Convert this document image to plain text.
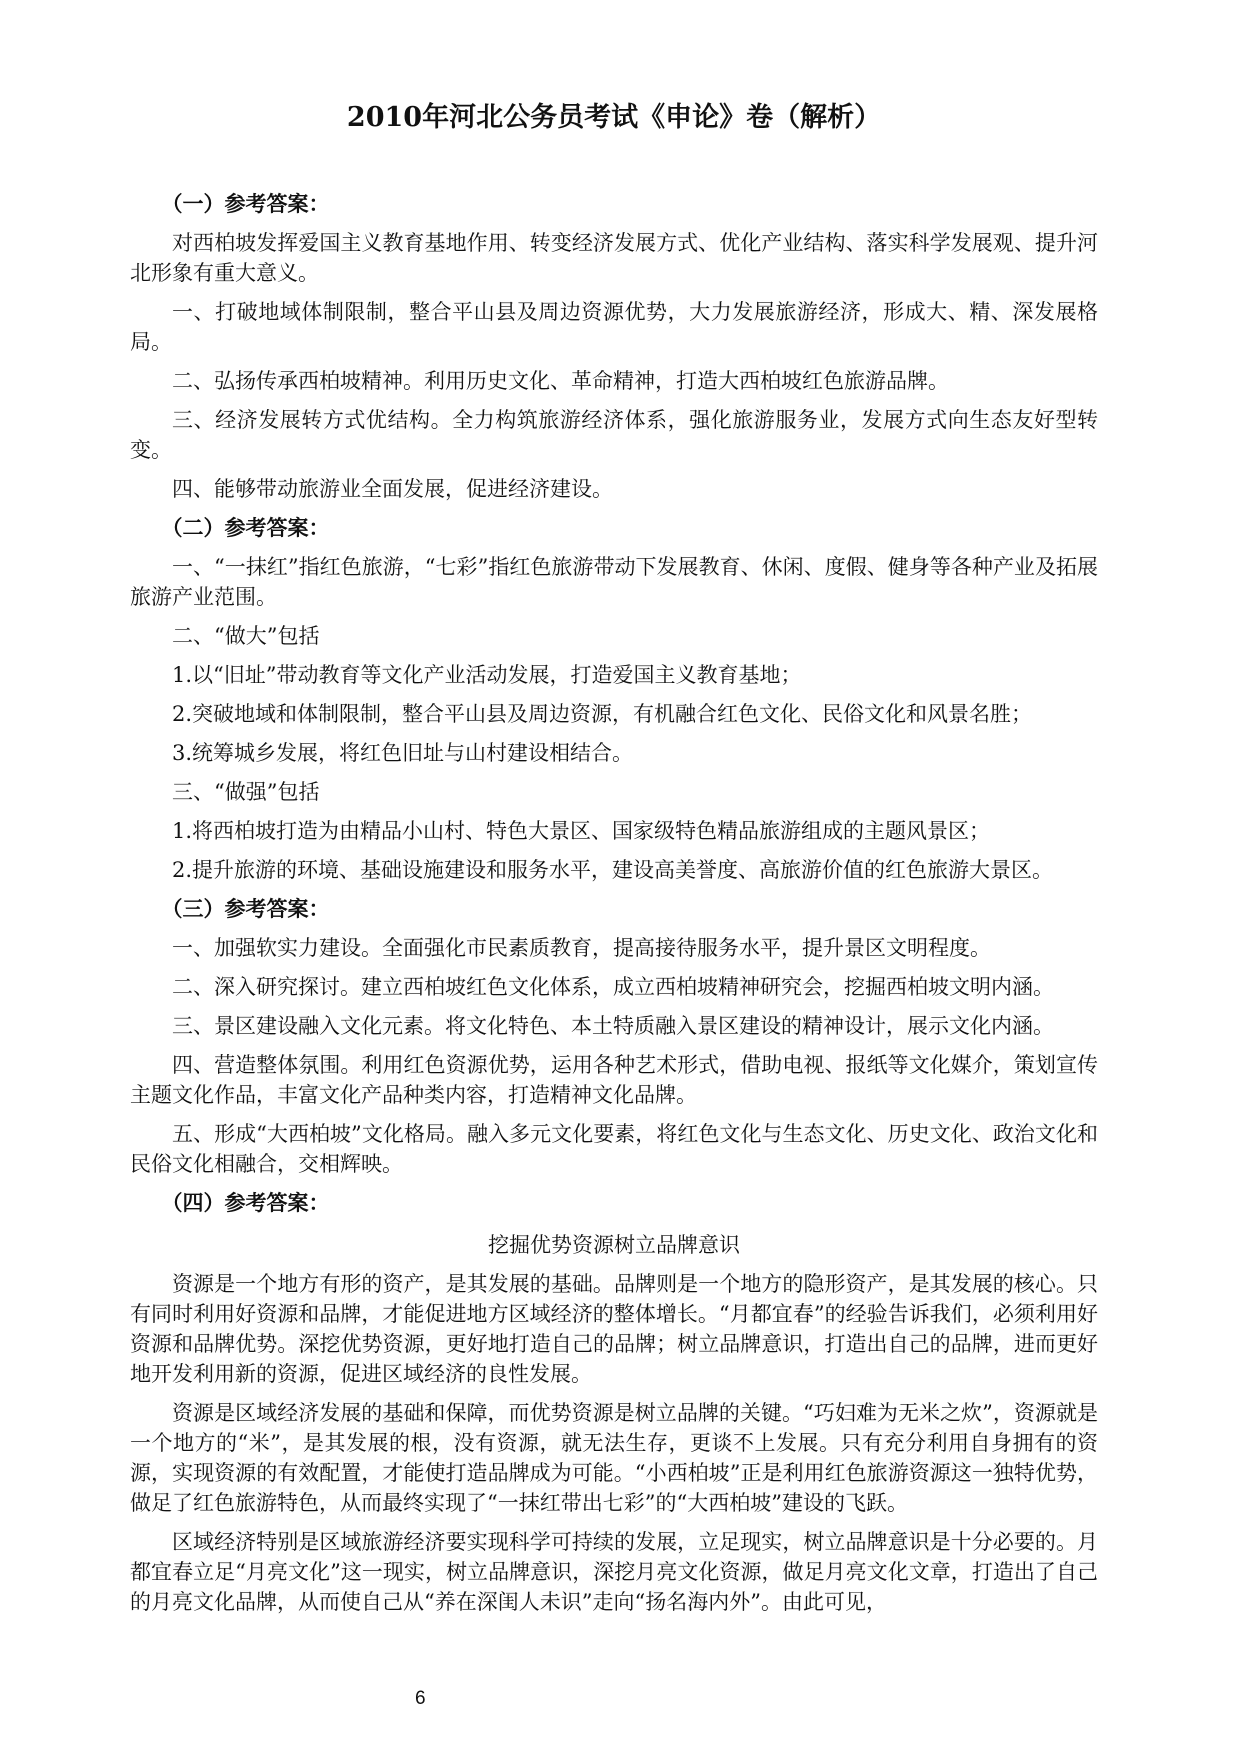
2010年河北公务员考试《申论》卷（解析）

（一）参考答案：

对西柏坡发挥爱国主义教育基地作用、转变经济发展方式、优化产业结构、落实科学发展观、提升河北形象有重大意义。

一、打破地域体制限制，整合平山县及周边资源优势，大力发展旅游经济，形成大、精、深发展格局。

二、弘扬传承西柏坡精神。利用历史文化、革命精神，打造大西柏坡红色旅游品牌。

三、经济发展转方式优结构。全力构筑旅游经济体系，强化旅游服务业，发展方式向生态友好型转变。

四、能够带动旅游业全面发展，促进经济建设。

（二）参考答案：

一、“一抹红”指红色旅游，“七彩”指红色旅游带动下发展教育、休闲、度假、健身等各种产业及拓展旅游产业范围。

二、“做大”包括

1.以“旧址”带动教育等文化产业活动发展，打造爱国主义教育基地；

2.突破地域和体制限制，整合平山县及周边资源，有机融合红色文化、民俗文化和风景名胜；

3.统筹城乡发展，将红色旧址与山村建设相结合。

三、“做强”包括

1.将西柏坡打造为由精品小山村、特色大景区、国家级特色精品旅游组成的主题风景区；

2.提升旅游的环境、基础设施建设和服务水平，建设高美誉度、高旅游价值的红色旅游大景区。

（三）参考答案：

一、加强软实力建设。全面强化市民素质教育，提高接待服务水平，提升景区文明程度。

二、深入研究探讨。建立西柏坡红色文化体系，成立西柏坡精神研究会，挖掘西柏坡文明内涵。

三、景区建设融入文化元素。将文化特色、本土特质融入景区建设的精神设计，展示文化内涵。

四、营造整体氛围。利用红色资源优势，运用各种艺术形式，借助电视、报纸等文化媒介，策划宣传主题文化作品，丰富文化产品种类内容，打造精神文化品牌。

五、形成“大西柏坡”文化格局。融入多元文化要素，将红色文化与生态文化、历史文化、政治文化和民俗文化相融合，交相辉映。

（四）参考答案：

挖掘优势资源树立品牌意识

资源是一个地方有形的资产，是其发展的基础。品牌则是一个地方的隐形资产，是其发展的核心。只有同时利用好资源和品牌，才能促进地方区域经济的整体增长。“月都宜春”的经验告诉我们，必须利用好资源和品牌优势。深挖优势资源，更好地打造自己的品牌；树立品牌意识，打造出自己的品牌，进而更好地开发利用新的资源，促进区域经济的良性发展。

资源是区域经济发展的基础和保障，而优势资源是树立品牌的关键。“巧妇难为无米之炊”，资源就是一个地方的“米”，是其发展的根，没有资源，就无法生存，更谈不上发展。只有充分利用自身拥有的资源，实现资源的有效配置，才能使打造品牌成为可能。“小西柏坡”正是利用红色旅游资源这一独特优势，做足了红色旅游特色，从而最终实现了“一抹红带出七彩”的“大西柏坡”建设的飞跃。

区域经济特别是区域旅游经济要实现科学可持续的发展，立足现实，树立品牌意识是十分必要的。月都宜春立足“月亮文化”这一现实，树立品牌意识，深挖月亮文化资源，做足月亮文化文章，打造出了自己的月亮文化品牌，从而使自己从“养在深闺人未识”走向“扬名海内外”。由此可见，

6
